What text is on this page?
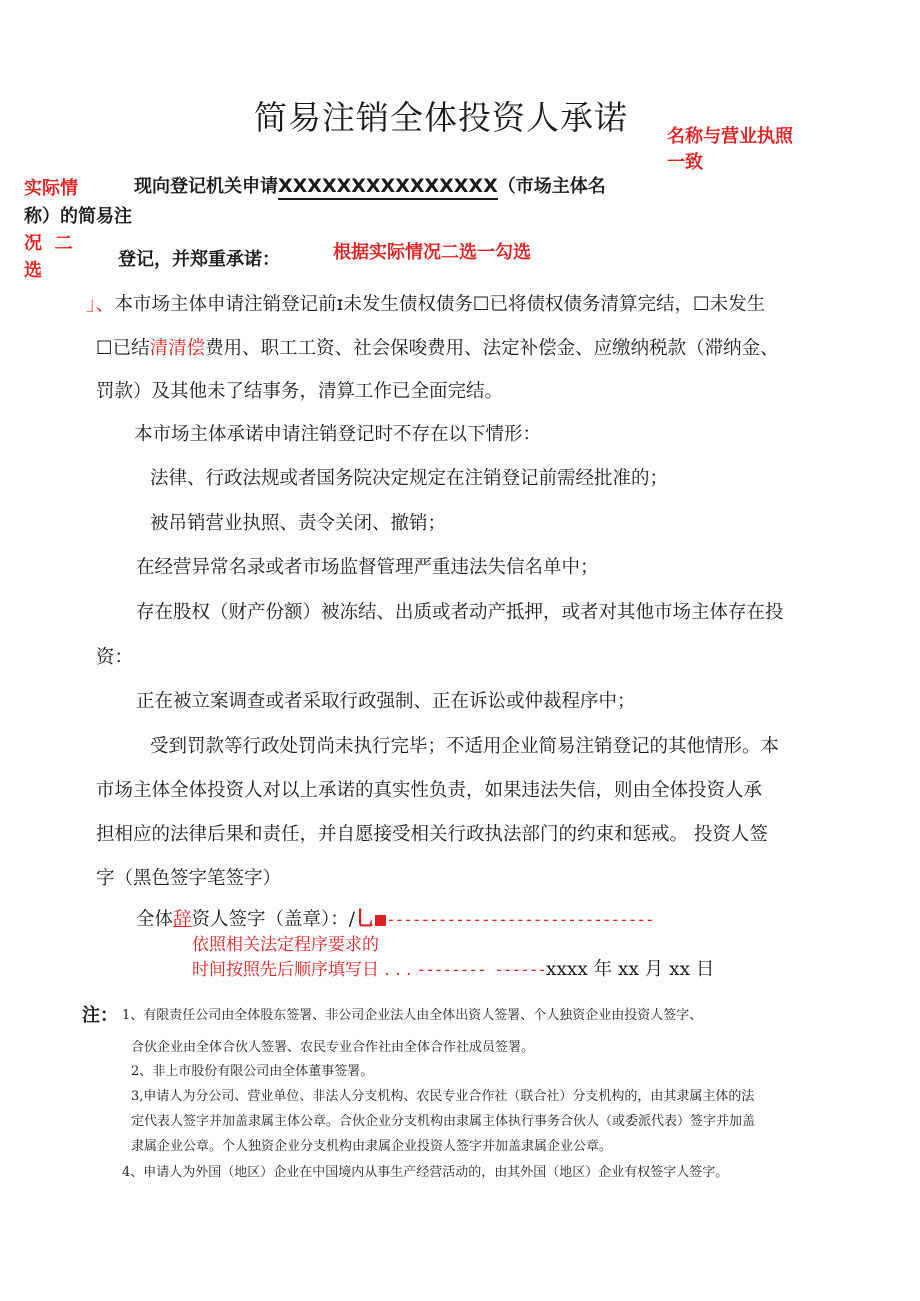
简易注销全体投资人承诺 名称与营业执照
一致
实际情
况  二
选
现向登记机关申请XXXXXXXXXXXXXXX（市场主体名
称）的简易注
登记，并郑重承诺：	根据实际情况二选一勾选
」、本市场主体申请注销登记前ɪ未发生债权债务☐已将债权债务清算完结，☐未发生
☐已结清清偿费用、职工工资、社会保唆费用、法定补偿金、应缴纳税款（滞纳金、
罚款）及其他未了结事务，清算工作已全面完结。
本市场主体承诺申请注销登记时不存在以下情形：
法律、行政法规或者国务院决定规定在注销登记前需经批准的；
被吊销营业执照、责令关闭、撤销；
在经营异常名录或者市场监督管理严重违法失信名单中；
存在股权（财产份额）被冻结、出质或者动产抵押，或者对其他市场主体存在投
资：
正在被立案调查或者采取行政强制、正在诉讼或仲裁程序中；
受到罚款等行政处罚尚未执行完毕；不适用企业简易注销登记的其他情形。本
市场主体全体投资人对以上承诺的真实性负责，如果违法失信，则由全体投资人承
担相应的法律后果和责任，并自愿接受相关行政执法部门的约束和惩戒。 投资人签
字（黑色签字笔签字）
全体辞资人签字（盖章）：/乚 -------------------------------
依照相关法定程序要求的
时间按照先后顺序填写日 . . . -------- ------xxxx 年 xx 月 xx 日
注： 1、有限责任公司由全体股东签署、非公司企业法人由全体出资人签署、个人独资企业由投资人签字、
合伙企业由全体合伙人签署、农民专业合作社由全体合作社成员签署。
2、非上市股份有限公司由全体董事签署。
3,申请人为分公司、营业单位、非法人分支机构、农民专业合作社（联合社）分支机构的，由其隶属主体的法
定代表人签字并加盖隶属主体公章。合伙企业分支机构由隶属主体执行事务合伙人（或委派代表）签字并加盖
隶属企业公章。个人独资企业分支机构由隶属企业投资人签字并加盖隶属企业公章。
4、申请人为外国（地区）企业在中国境内从事生产经营活动的，由其外国（地区）企业有权签字人签字。
